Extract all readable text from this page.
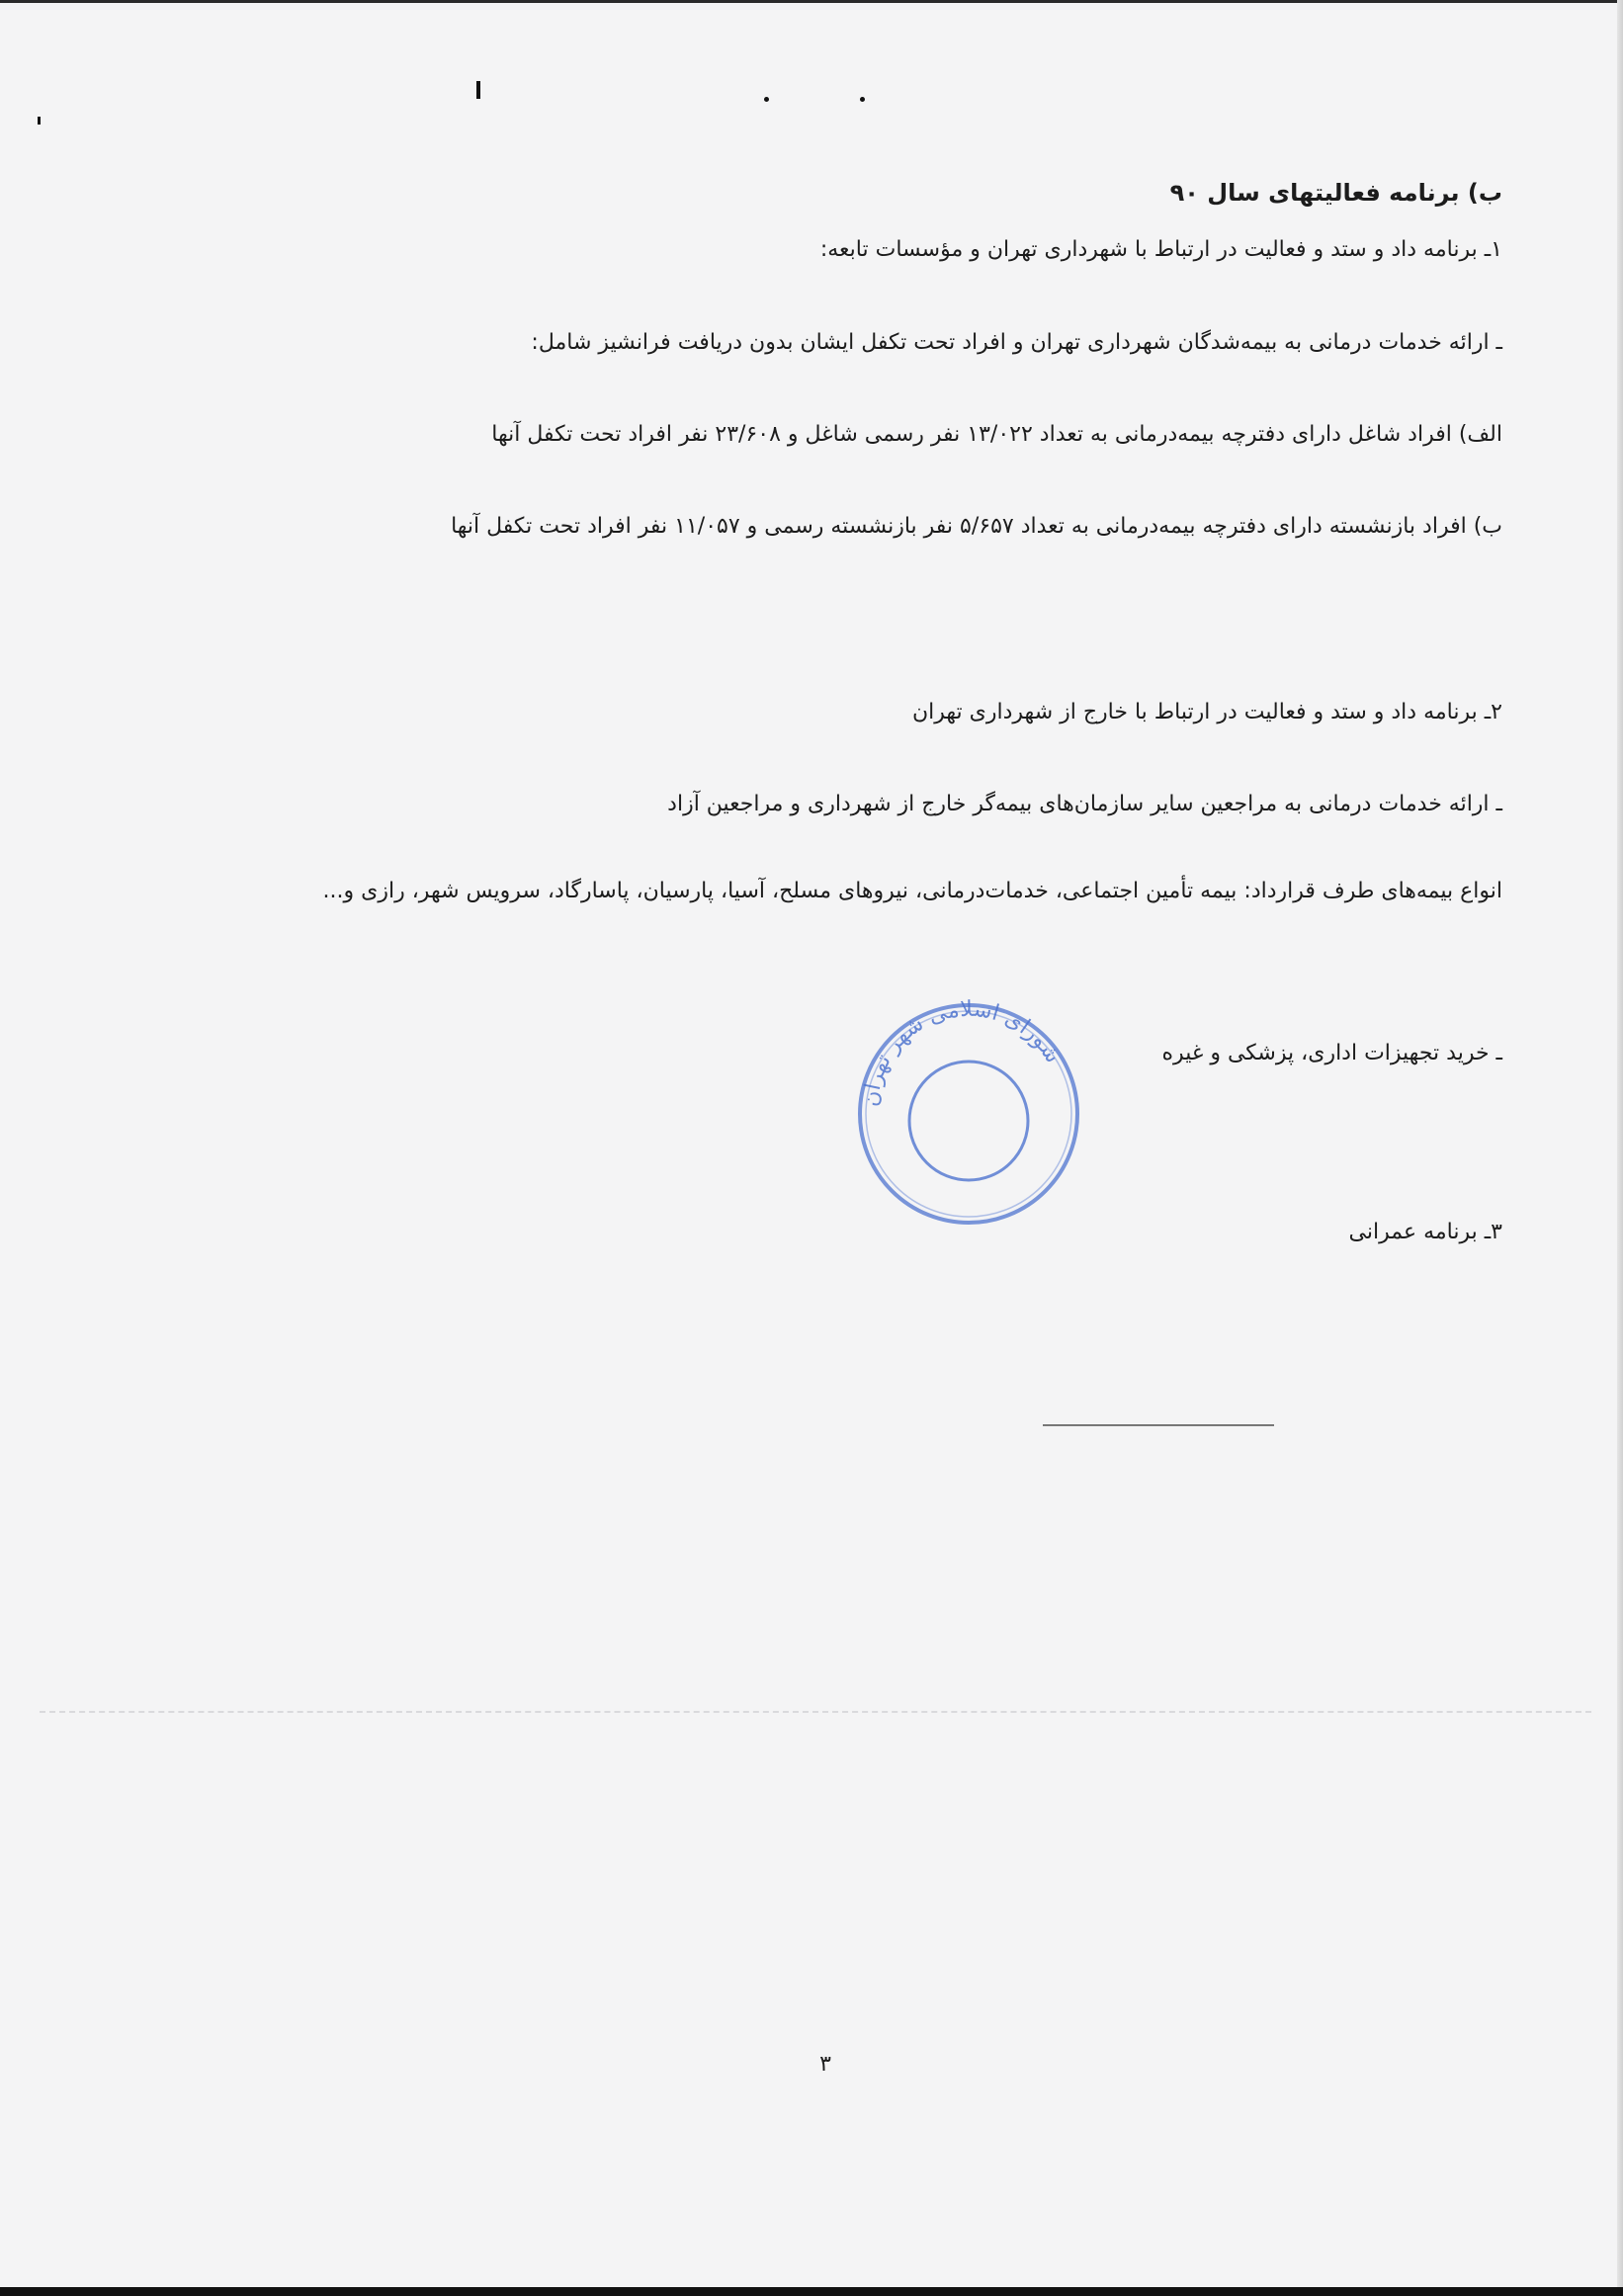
ب) برنامه فعالیتهای سال ۹۰
۱ـ برنامه داد و ستد و فعالیت در ارتباط با شهرداری تهران و مؤسسات تابعه:
ـ ارائه خدمات درمانی به بیمه‌شدگان شهرداری تهران و افراد تحت تکفل ایشان بدون دریافت فرانشیز شامل:
الف) افراد شاغل دارای دفترچه بیمه‌درمانی به تعداد ۱۳/۰۲۲ نفر رسمی شاغل و ۲۳/۶۰۸ نفر افراد تحت تکفل آنها
ب) افراد بازنشسته دارای دفترچه بیمه‌درمانی به تعداد ۵/۶۵۷ نفر بازنشسته رسمی و ۱۱/۰۵۷ نفر افراد تحت تکفل آنها
۲ـ برنامه داد و ستد و فعالیت در ارتباط با خارج از شهرداری تهران
ـ ارائه خدمات درمانی به مراجعین سایر سازمان‌های بیمه‌گر خارج از شهرداری و مراجعین آزاد
انواع بیمه‌های طرف قرارداد: بیمه تأمین اجتماعی، خدمات‌درمانی، نیروهای مسلح، آسیا، پارسیان، پاسارگاد، سرویس شهر، رازی و...
ـ خرید تجهیزات اداری، پزشکی و غیره
شورای اسلامی شهر تهران
۳ـ برنامه عمرانی
۳
